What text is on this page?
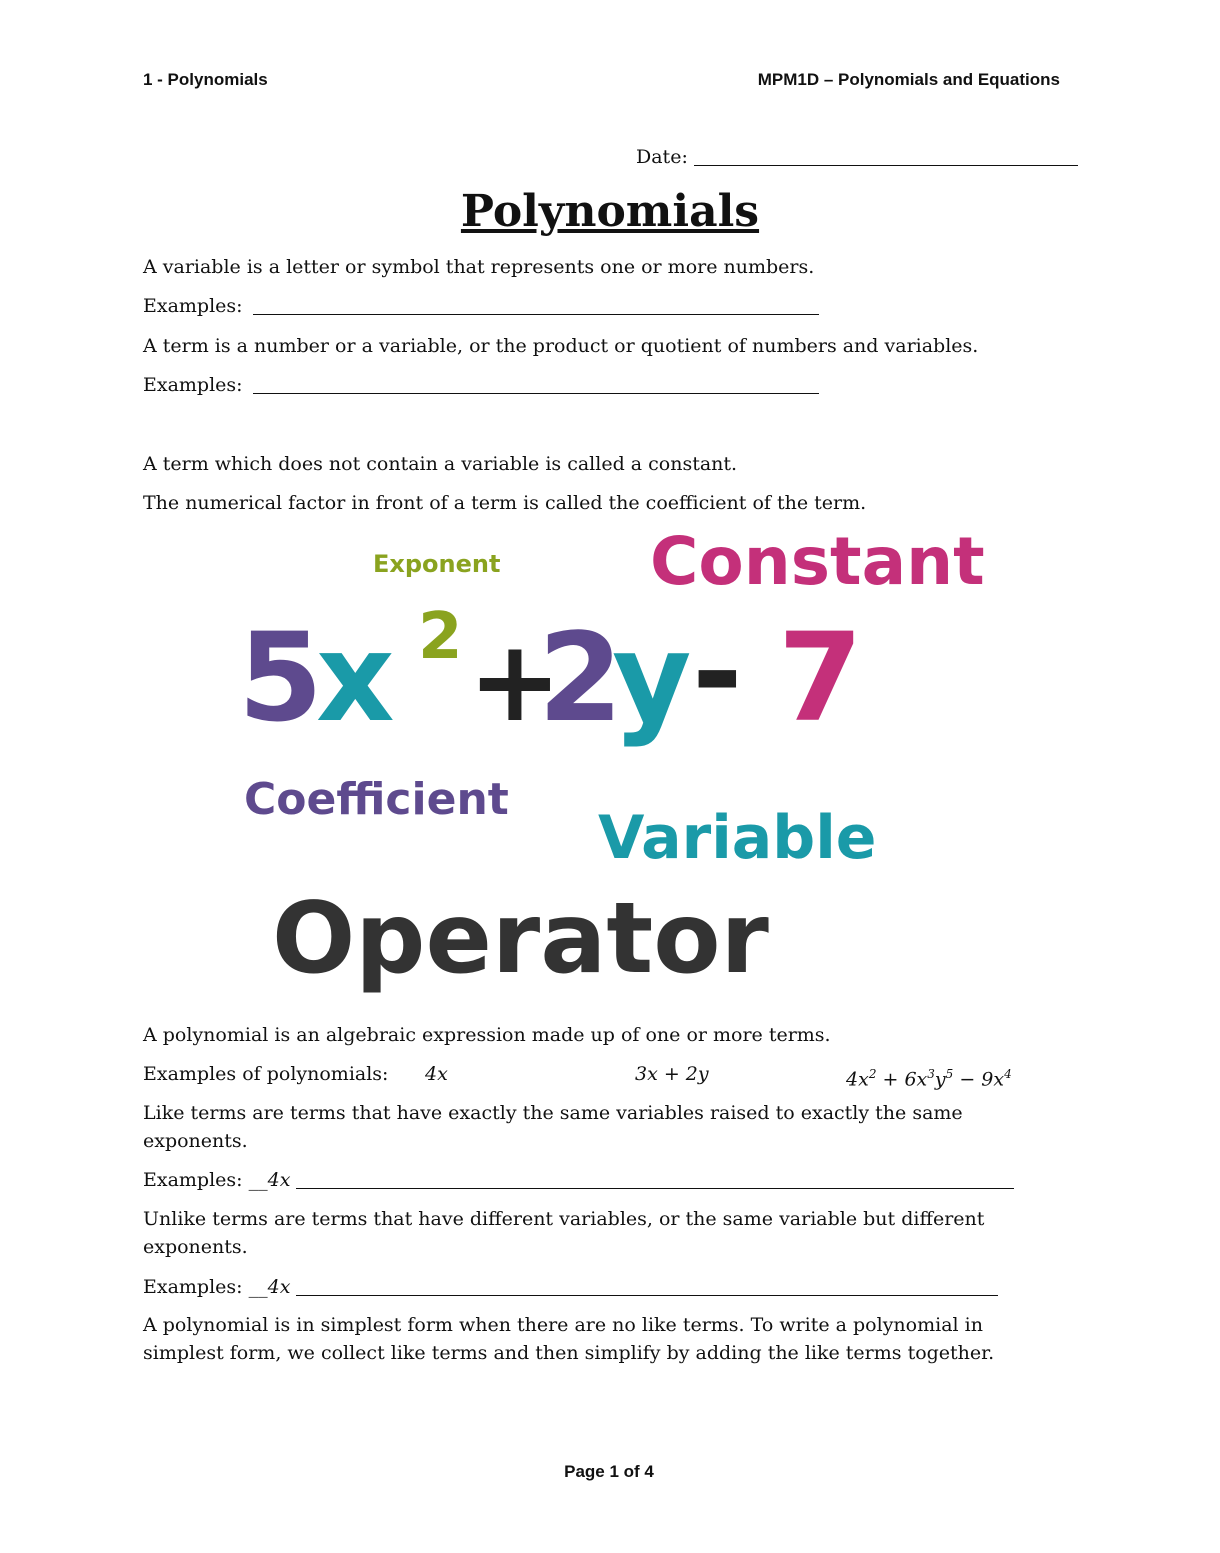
1 - Polynomials	MPM1D – Polynomials and Equations
Date:
Polynomials
A variable is a letter or symbol that represents one or more numbers.
Examples:
A term is a number or a variable, or the product or quotient of numbers and variables.
Examples:
A term which does not contain a variable is called a constant.
The numerical factor in front of a term is called the coefficient of the term.
Exponent Constant
5
x 2 +
2
y - 7
Coefficient
Variable
Operator
A polynomial is an algebraic expression made up of one or more terms.
Examples of polynomials: 4x	3x + 2y	$4x^2 + 6x^3y^5 - 9x^4$
Like terms are terms that have exactly the same variables raised to exactly the same exponents.
Examples: __4x
Unlike terms are terms that have different variables, or the same variable but different exponents.
Examples: __4x
A polynomial is in simplest form when there are no like terms. To write a polynomial in simplest form, we collect like terms and then simplify by adding the like terms together.
Page 1 of 4
